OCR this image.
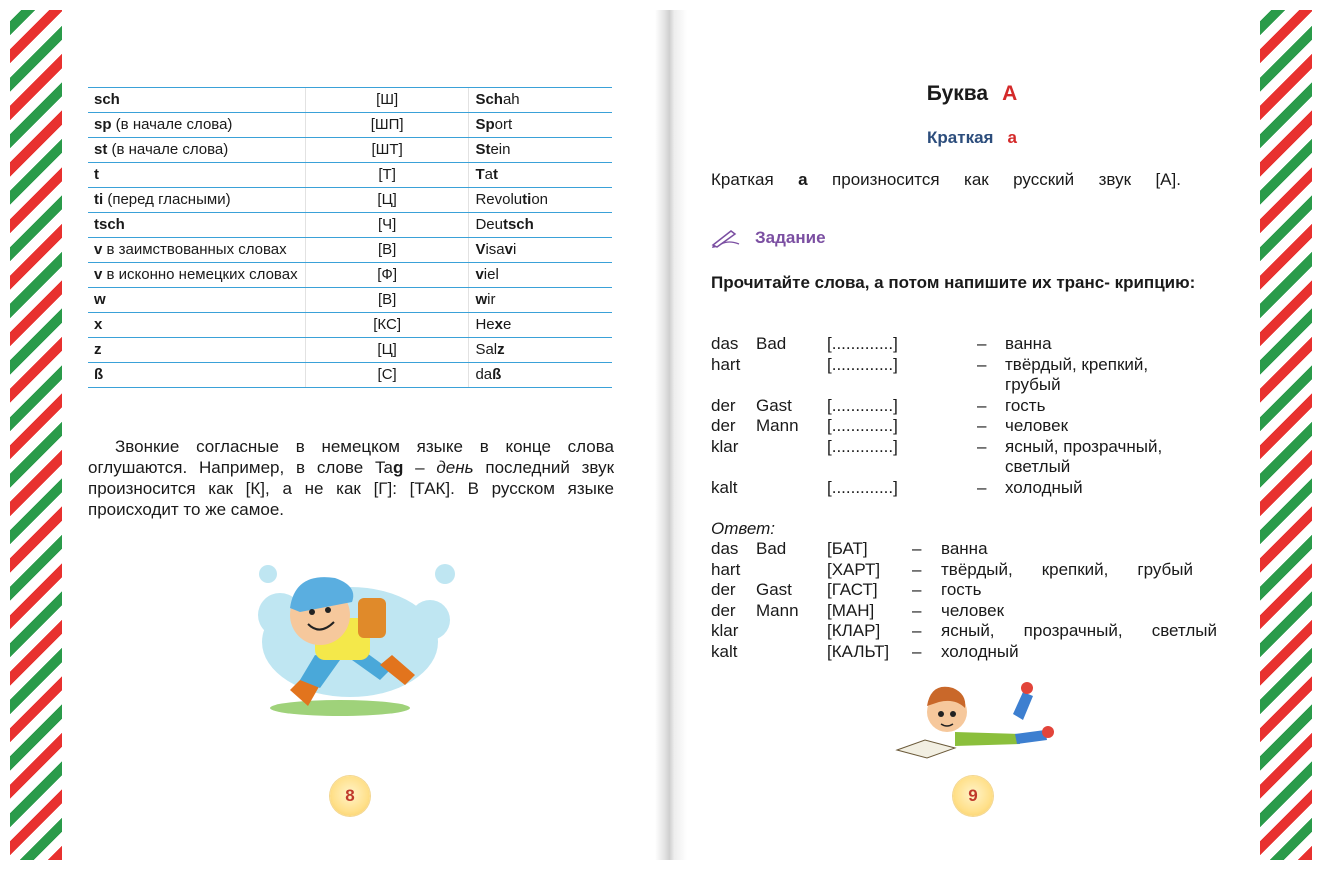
sch	[Ш]	Schah
sp (в начале слова)	[ШП]	Sport
st (в начале слова)	[ШТ]	Stein
t	[Т]	Tat
ti (перед гласными)	[Ц]	Revolution
tsch	[Ч]	Deutsch
v в заимствованных словах	[В]	Visavi
v в исконно немецких словах	[Ф]	viel
w	[В]	wir
x	[КС]	Hexe
z	[Ц]	Salz
ß	[С]	daß

Звонкие согласные в немецком языке в конце слова оглушаются. Например, в слове Tag – день последний звук произносится как [К], а не как [Г]: [ТАК]. В русском языке происходит то же самое.

8
Буква A
Краткая a
Краткая a произносится как русский звук [А].
Задание

Прочитайте слова, а потом напишите их транс- крипцию:

das Bad [.............]	– ванна
hart	[.............]	– твёрдый, крепкий,
грубый
der Gast [.............]	– гость
der Mann [.............]	– человек
klar	[.............]	– ясный, прозрачный,
светлый
kalt	[.............]	– холодный
Ответ:
das Bad [БАТ]	– ванна
hart	[ХАРТ] – твёрдый, крепкий, грубый
der Gast [ГАСТ] – гость
der Mann [МАН] – человек
klar	[КЛАР] – ясный, прозрачный, светлый
kalt	[КАЛЬТ] – холодный
9
